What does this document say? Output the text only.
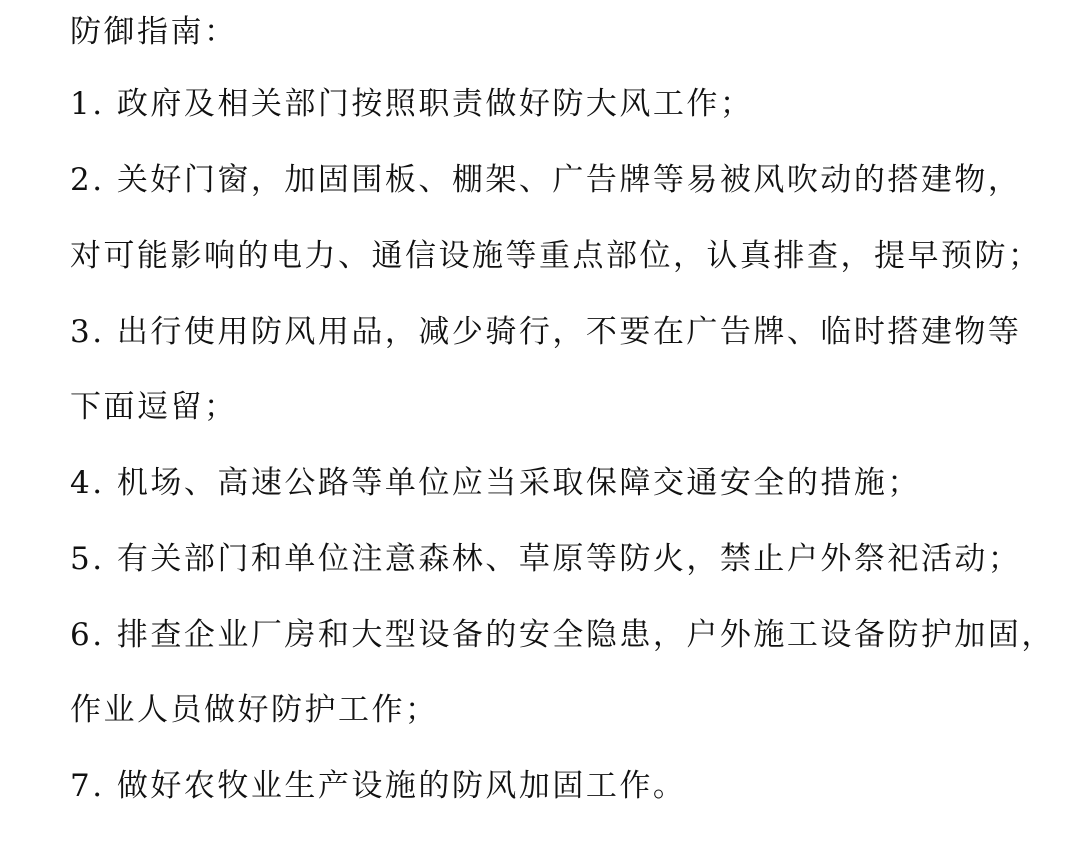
防御指南：
1. 政府及相关部门按照职责做好防大风工作；
2. 关好门窗，加固围板、棚架、广告牌等易被风吹动的搭建物，
对可能影响的电力、通信设施等重点部位，认真排查，提早预防；
3. 出行使用防风用品，减少骑行，不要在广告牌、临时搭建物等
下面逗留；
4. 机场、高速公路等单位应当采取保障交通安全的措施；
5. 有关部门和单位注意森林、草原等防火，禁止户外祭祀活动；
6. 排查企业厂房和大型设备的安全隐患，户外施工设备防护加固，
作业人员做好防护工作；
7. 做好农牧业生产设施的防风加固工作。
